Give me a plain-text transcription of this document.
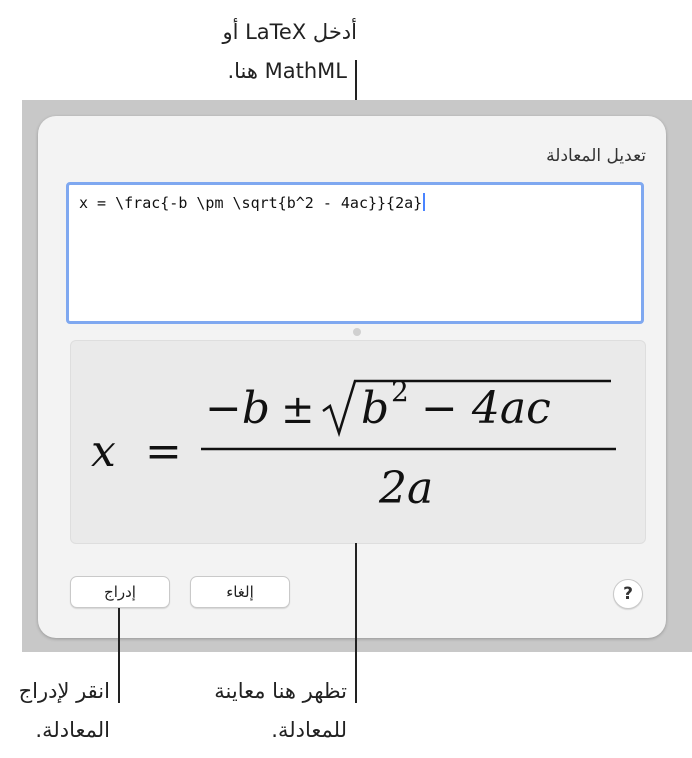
أدخل LaTeX أو
MathML هنا.
تعديل المعادلة
x = \frac{-b \pm \sqrt{b^2 - 4ac}}{2a}
x =
−b ± b 2 − 4ac
2a
إدراج	إلغاء	?
تظهر هنا معاينة
للمعادلة.
انقر لإدراج
المعادلة.
